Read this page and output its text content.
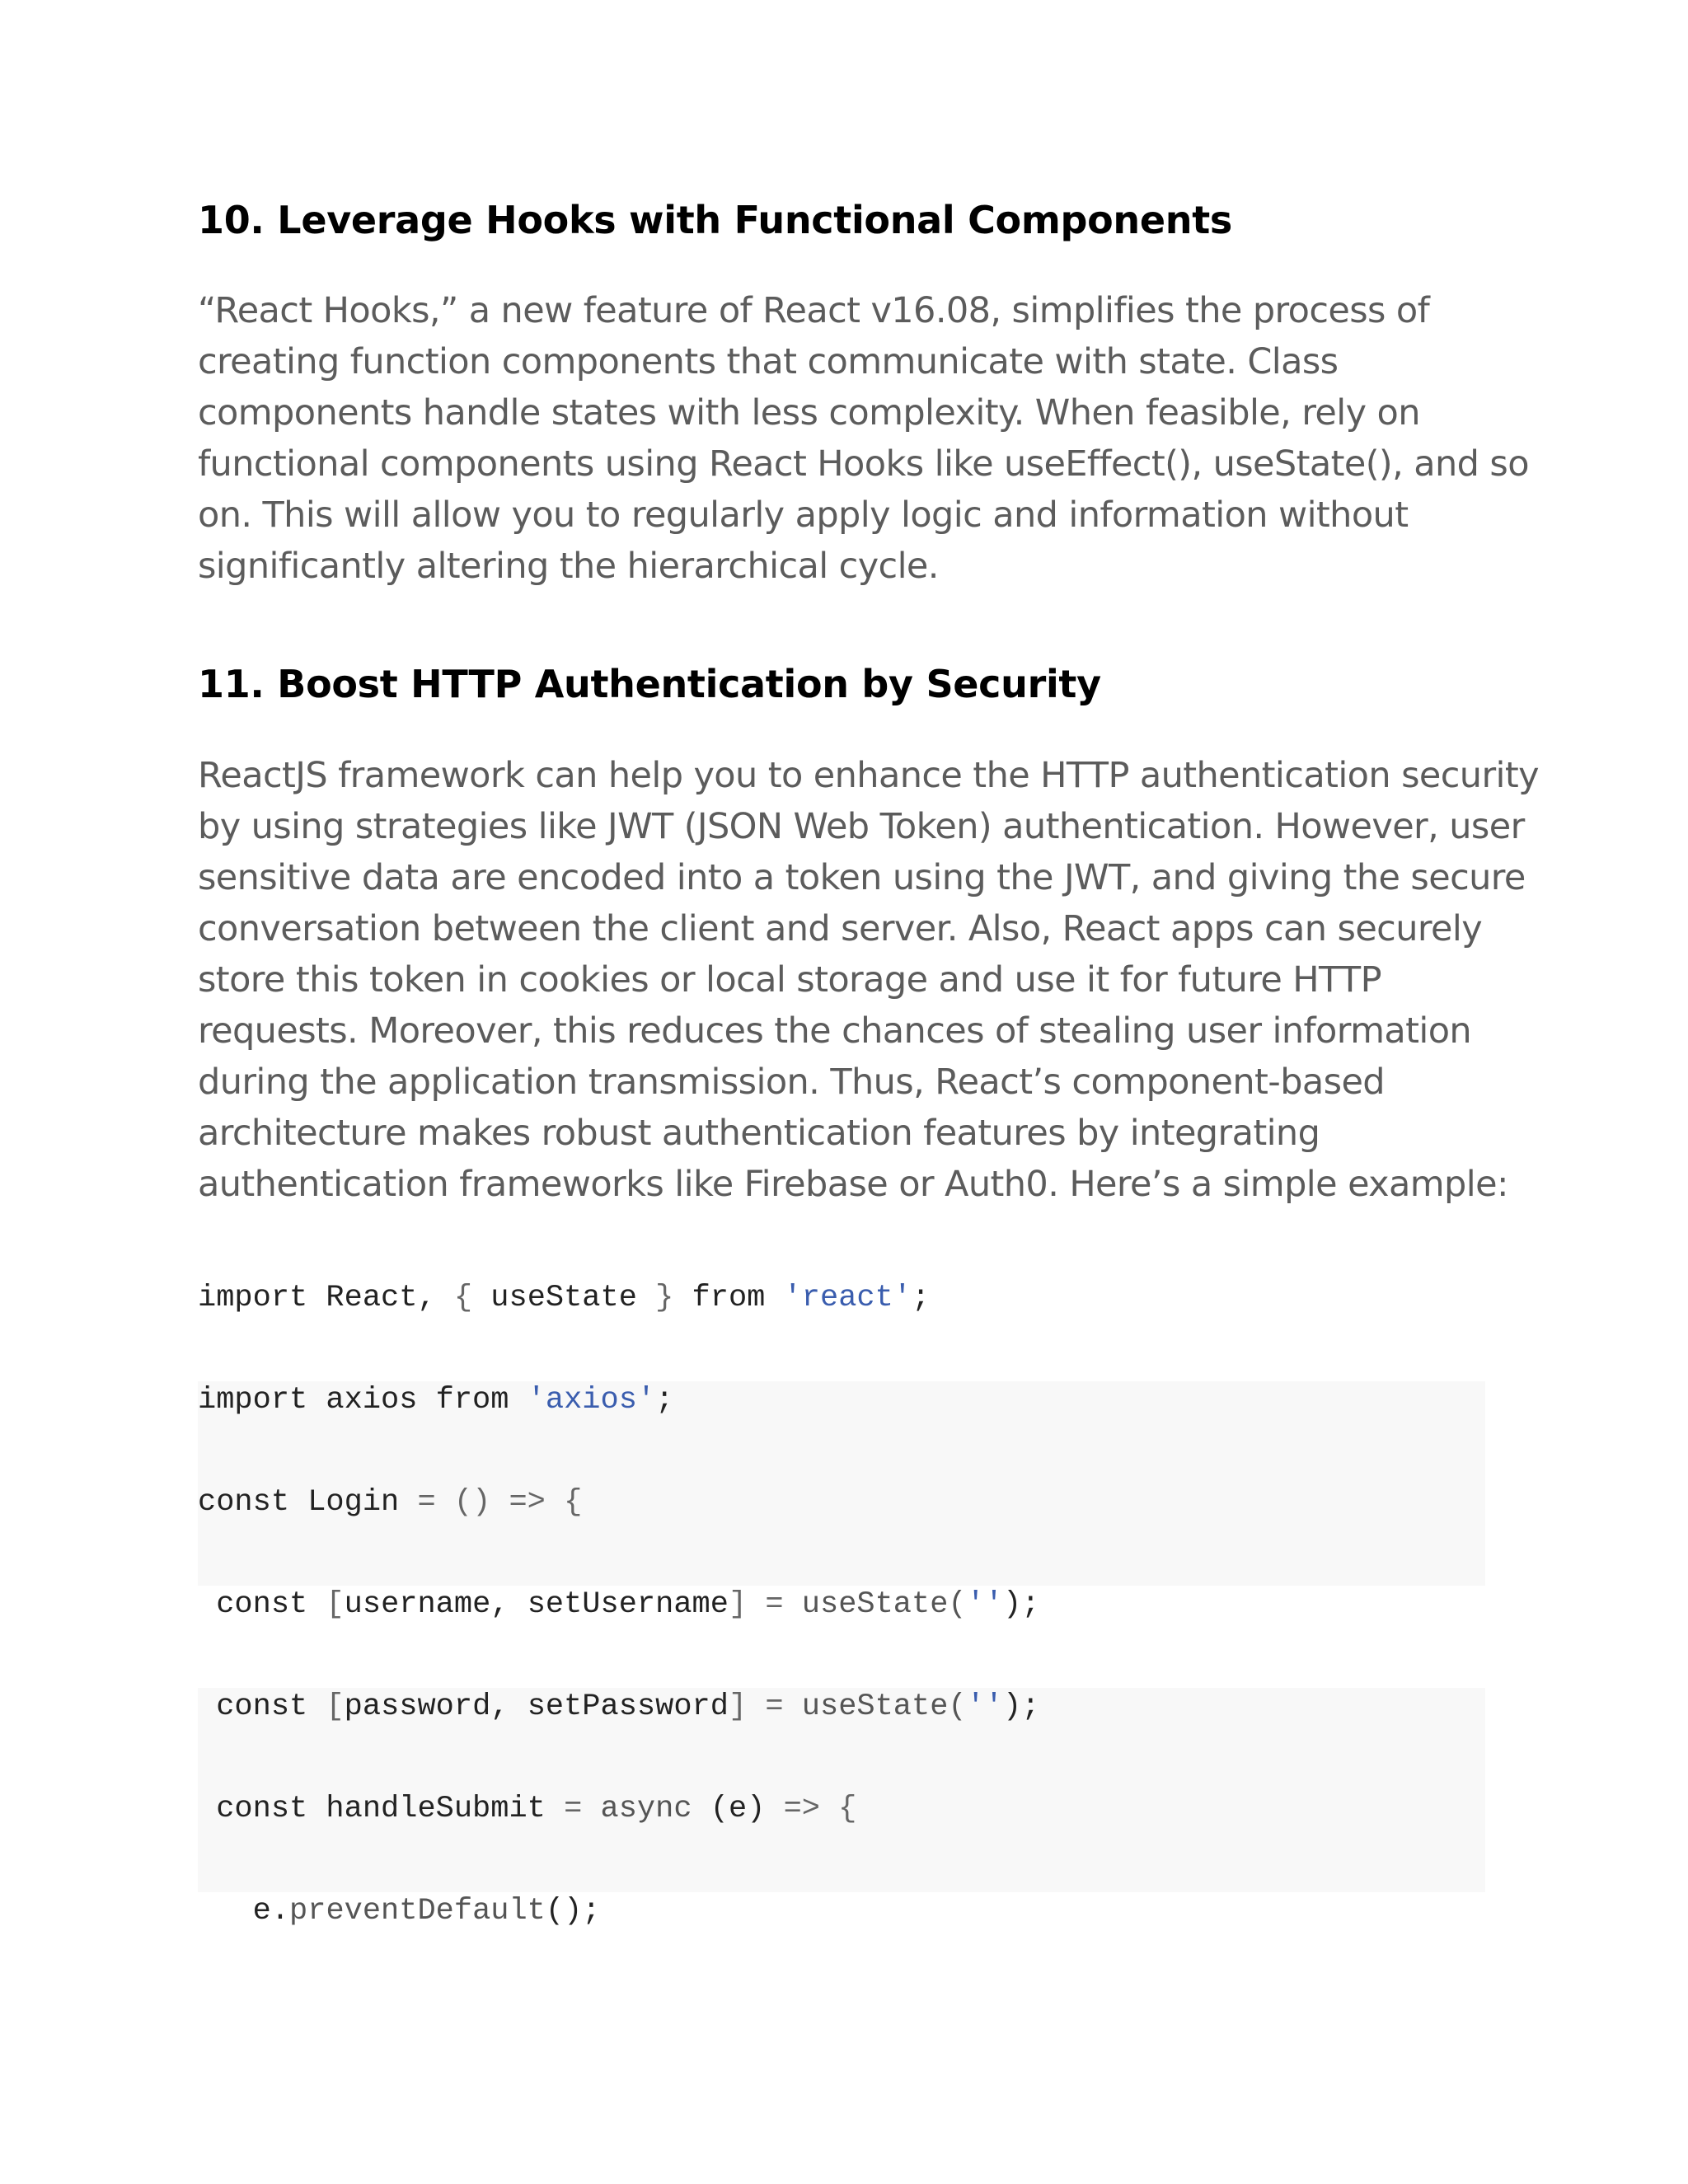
10. Leverage Hooks with Functional Components

“React Hooks,” a new feature of React v16.08, simplifies the process of
creating function components that communicate with state. Class
components handle states with less complexity. When feasible, rely on
functional components using React Hooks like useEffect(), useState(), and so
on. This will allow you to regularly apply logic and information without
significantly altering the hierarchical cycle.

11. Boost HTTP Authentication by Security

ReactJS framework can help you to enhance the HTTP authentication security
by using strategies like JWT (JSON Web Token) authentication. However, user
sensitive data are encoded into a token using the JWT, and giving the secure
conversation between the client and server. Also, React apps can securely
store this token in cookies or local storage and use it for future HTTP
requests. Moreover, this reduces the chances of stealing user information
during the application transmission. Thus, React’s component-based
architecture makes robust authentication features by integrating
authentication frameworks like Firebase or Auth0. Here’s a simple example:

import React, { useState } from 'react';
import axios from 'axios';
const Login = () => {
const [username, setUsername] = useState('');
const [password, setPassword] = useState('');
const handleSubmit = async (e) => {
e.preventDefault();
